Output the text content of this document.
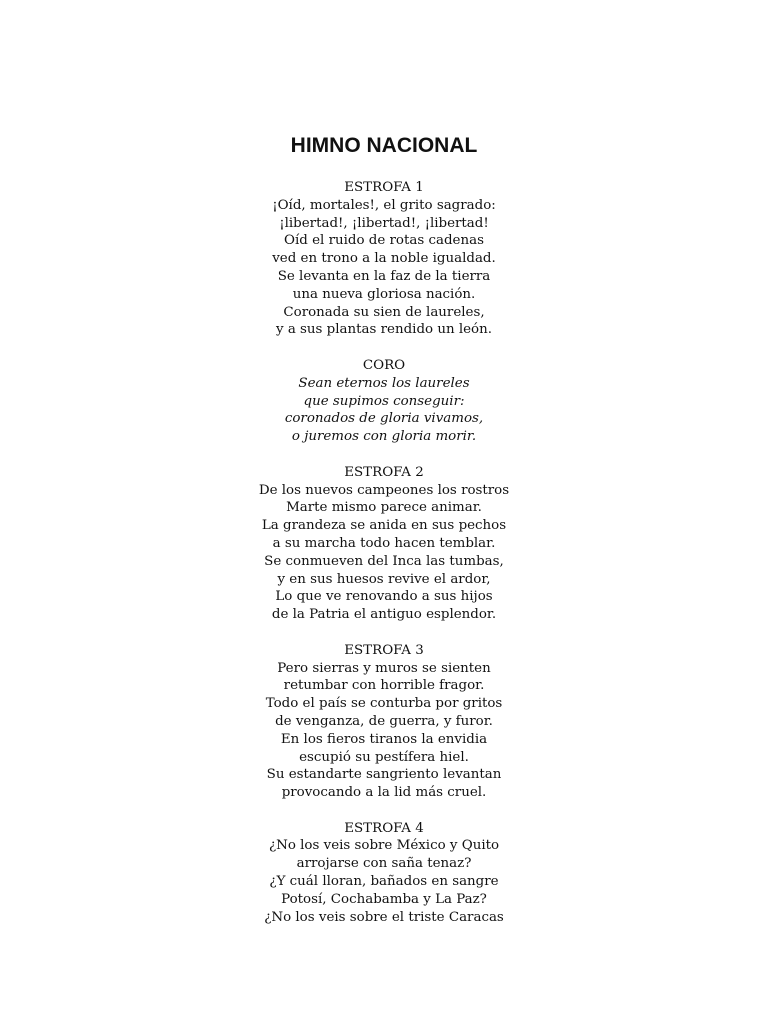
HIMNO NACIONAL
ESTROFA 1
¡Oíd, mortales!, el grito sagrado:
¡libertad!, ¡libertad!, ¡libertad!
Oíd el ruido de rotas cadenas
ved en trono a la noble igualdad.
Se levanta en la faz de la tierra
una nueva gloriosa nación.
Coronada su sien de laureles,
y a sus plantas rendido un león.
CORO
Sean eternos los laureles
que supimos conseguir:
coronados de gloria vivamos,
o juremos con gloria morir.
ESTROFA 2
De los nuevos campeones los rostros
Marte mismo parece animar.
La grandeza se anida en sus pechos
a su marcha todo hacen temblar.
Se conmueven del Inca las tumbas,
y en sus huesos revive el ardor,
Lo que ve renovando a sus hijos
de la Patria el antiguo esplendor.
ESTROFA 3
Pero sierras y muros se sienten
retumbar con horrible fragor.
Todo el país se conturba por gritos
de venganza, de guerra, y furor.
En los fieros tiranos la envidia
escupió su pestífera hiel.
Su estandarte sangriento levantan
provocando a la lid más cruel.
ESTROFA 4
¿No los veis sobre México y Quito
arrojarse con saña tenaz?
¿Y cuál lloran, bañados en sangre
Potosí, Cochabamba y La Paz?
¿No los veis sobre el triste Caracas
